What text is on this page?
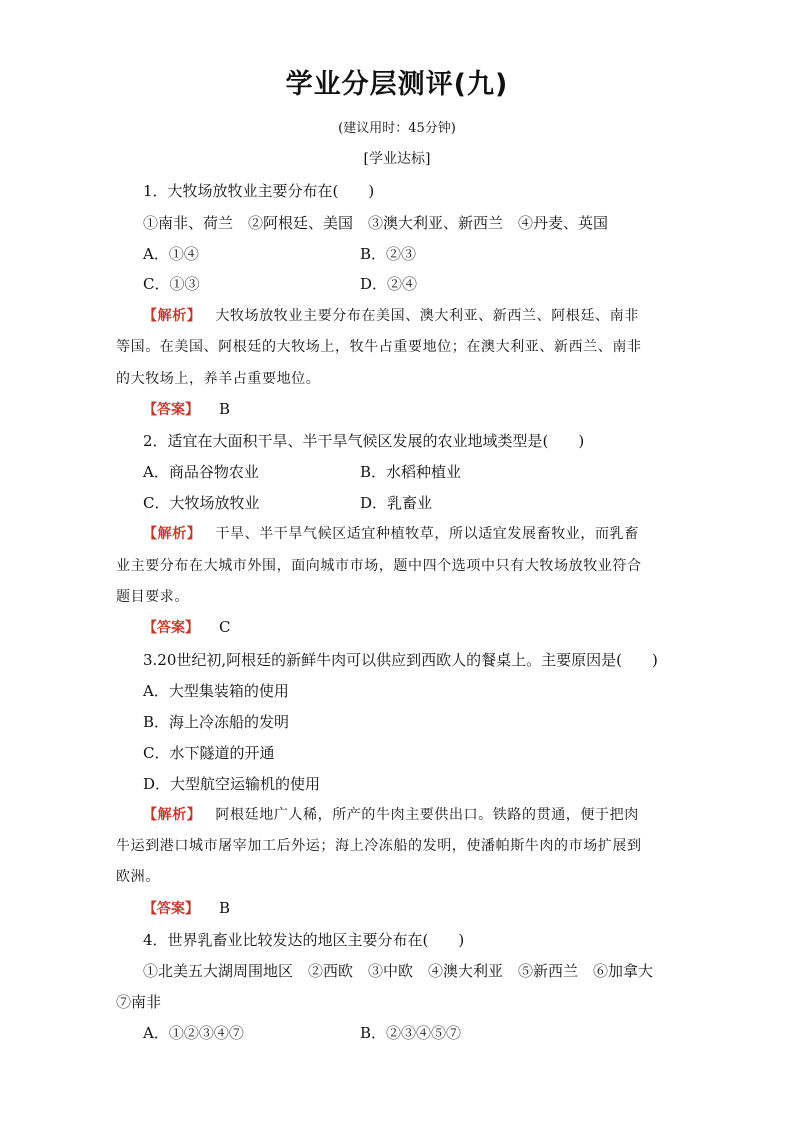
学业分层测评(九)
(建议用时：45分钟)
[学业达标]
1．大牧场放牧业主要分布在(　　)
①南非、荷兰　②阿根廷、美国　③澳大利亚、新西兰　④丹麦、英国
A．①④	B．②③
C．①③	D．②④
【解析】 大牧场放牧业主要分布在美国、澳大利亚、新西兰、阿根廷、南非
等国。在美国、阿根廷的大牧场上，牧牛占重要地位；在澳大利亚、新西兰、南非
的大牧场上，养羊占重要地位。
【答案】 B
2．适宜在大面积干旱、半干旱气候区发展的农业地域类型是(　　)
A．商品谷物农业	B．水稻种植业
C．大牧场放牧业	D．乳畜业
【解析】 干旱、半干旱气候区适宜种植牧草，所以适宜发展畜牧业，而乳畜
业主要分布在大城市外围，面向城市市场，题中四个选项中只有大牧场放牧业符合
题目要求。
【答案】 C
3.20世纪初,阿根廷的新鲜牛肉可以供应到西欧人的餐桌上。主要原因是(　　)
A．大型集装箱的使用
B．海上冷冻船的发明
C．水下隧道的开通
D．大型航空运输机的使用
【解析】 阿根廷地广人稀，所产的牛肉主要供出口。铁路的贯通，便于把肉
牛运到港口城市屠宰加工后外运；海上冷冻船的发明，使潘帕斯牛肉的市场扩展到
欧洲。
【答案】 B
4．世界乳畜业比较发达的地区主要分布在(　　)
①北美五大湖周围地区　②西欧　③中欧　④澳大利亚　⑤新西兰　⑥加拿大
⑦南非
A．①②③④⑦	B．②③④⑤⑦
